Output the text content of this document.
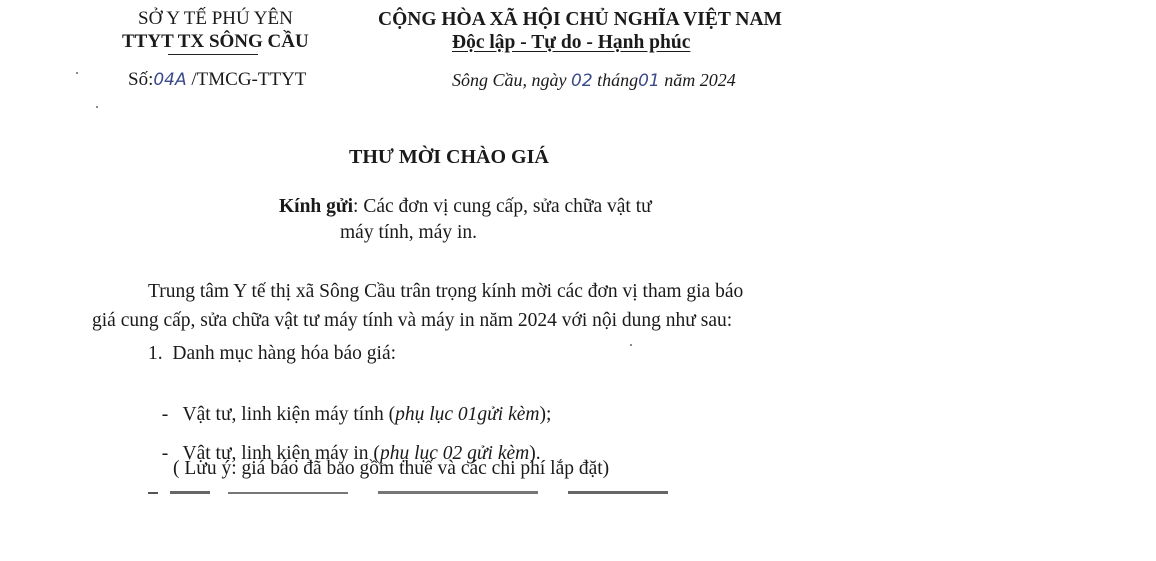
SỞ Y TẾ PHÚ YÊN
TTYT TX SÔNG CẦU
Số:04A /TMCG-TTYT
CỘNG HÒA XÃ HỘI CHỦ NGHĨA VIỆT NAM
Độc lập - Tự do - Hạnh phúc
Sông Cầu, ngày 02 tháng01 năm 2024
THƯ MỜI CHÀO GIÁ
Kính gửi: Các đơn vị cung cấp, sửa chữa vật tư
máy tính, máy in.
Trung tâm Y tế thị xã Sông Cầu trân trọng kính mời các đơn vị tham gia báo
giá cung cấp, sửa chữa vật tư máy tính và máy in năm 2024 với nội dung như sau:
1.  Danh mục hàng hóa báo giá:

-   Vật tư, linh kiện máy tính (phụ lục 01gửi kèm);

-   Vật tư, linh kiện máy in (phụ lục 02 gửi kèm).

( Lưu ý: giá báo đã bao gồm thuế và các chi phí lắp đặt)
